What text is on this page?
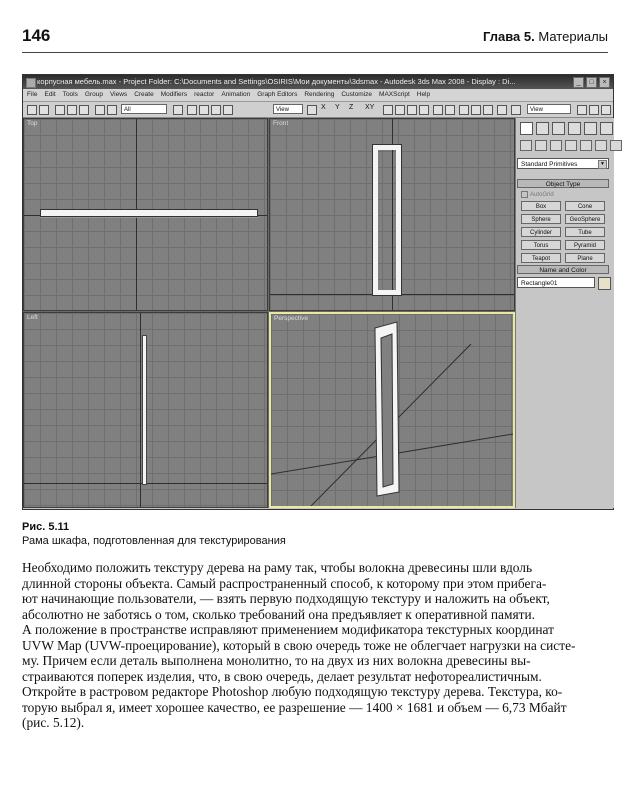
146	Глава 5. Материалы
корпусная мебель.max - Project Folder: C:\Documents and Settings\OSIRIS\Мои документы\3dsmax - Autodesk 3ds Max 2008 - Display : Di...	_	□	×
File Edit Tools Group Views Create Modifiers reactor Animation Graph Editors Rendering Customize MAXScript Help
All	View	X Y Z XY	View
Top	Front
Left	Perspective
Standard Primitives	▼
Object Type
AutoGrid
Box	Cone
Sphere	GeoSphere
Cylinder	Tube
Torus	Pyramid
Teapot	Plane
Name and Color
Rectangle01
Рис. 5.11
Рама шкафа, подготовленная для текстурирования
Необходимо положить текстуру дерева на раму так, чтобы волокна древесины шли вдоль
длинной стороны объекта. Самый распространенный способ, к которому при этом прибега-
ют начинающие пользователи, — взять первую подходящую текстуру и наложить на объект,
абсолютно не заботясь о том, сколько требований она предъявляет к оперативной памяти.
А положение в пространстве исправляют применением модификатора текстурных координат
UVW Map (UVW-проецирование), который в свою очередь тоже не облегчает нагрузки на систе-
му. Причем если деталь выполнена монолитно, то на двух из них волокна древесины вы-
страиваются поперек изделия, что, в свою очередь, делает результат нефотореалистичным.
Откройте в растровом редакторе Photoshop любую подходящую текстуру дерева. Текстура, ко-
торую выбрал я, имеет хорошее качество, ее разрешение — 1400 × 1681 и объем — 6,73 Мбайт
(рис. 5.12).
